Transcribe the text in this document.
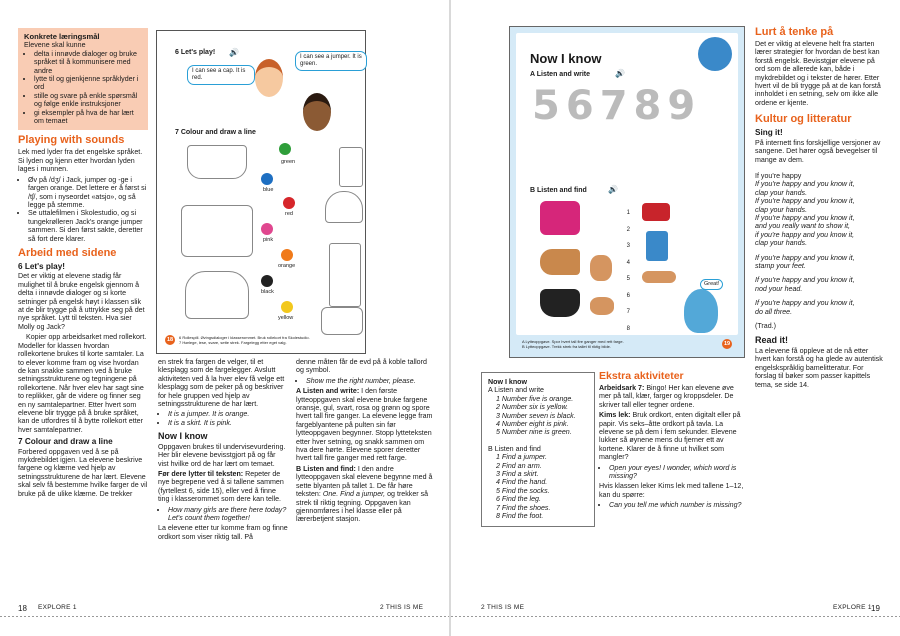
Konkrete læringsmål
Elevene skal kunne
• delta i innøvde dialoger og bruke språket til å kommunisere med andre
• lytte til og gjenkjenne språklyder i ord
• stille og svare på enkle spørsmål og følge enkle instruksjoner
• gi eksempler på hva de har lært om temaet
Playing with sounds

Lek med lyder fra det engelske språket. Si lyden og kjenn etter hvordan lyden lages i munnen.

• Øv på /dʒ/ i Jack, jumper og -ge i fargen orange. Det lettere er å først si /tʃ/, som i nyseordet «atsjo», og så legge på stemme.
• Se uttalefilmen i Skolestudio, og si tungekrølleren Jack's orange jumper sammen. Si den først sakte, deretter så fort dere klarer.
Arbeid med sidene
6 Let's play!

Det er viktig at elevene stadig får mulighet til å bruke engelsk gjennom å delta i innøvde dialoger og si korte setninger på engelsk høyt i klassen slik at de blir trygge på å uttrykke seg på det nye språket. Lytt til teksten. Hva sier Molly og Jack?

Kopier opp arbeidsarket med rollekort. Modeller for klassen hvordan rollekortene brukes til korte samtaler. La to elever komme fram og vise hvordan de kan snakke sammen ved å bruke setningsstrukturene og tegningene på rollekortene. Når hver elev har sagt sine to replikker, går de videre og finner seg en ny samtalepartner. Etter hvert som elevene blir trygge på å bruke språket, kan de utfordres til å bytte rollekort etter hver samtalepartner.

7 Colour and draw a line

Forbered oppgaven ved å se på mykdrebildet igjen. La elevene beskrive fargene og klærne ved hjelp av setningsstrukturene de har lært. Elevene skal selv få bestemme hvilke farger de vil bruke på de ulike klærne. De trekker

6 Let's play! 🔊
I can see a cap. It is red.
I can see a jumper. It is green.
7 Colour and draw a line
green
blue
red
pink
orange
black
yellow
18	6 Rollespill. Øvingsdialoger i klasserommet. Bruk rollekort fra Skolestudio.
7 Hørlege, lese, svare, sette strek. Fargelegg etter eget valg.

en strek fra fargen de velger, til et klesplagg som de fargelegger. Avslutt aktiviteten ved å la hver elev få velge ett klesplagg som de peker på og beskriver for hele gruppen ved hjelp av setningsstrukturene de har lært.

• It is a jumper. It is orange.
• It is a skirt. It is pink.
Now I know

Oppgaven brukes til undervisevurdering. Her blir elevene bevisstgjort på og får vist hvilke ord de har lært om temaet.

Før dere lytter til teksten: Repeter de nye begrepene ved å si tallene sammen (fyrtellest 6, side 15), eller ved å finne ting i klasserommet som dere kan telle.

• How many girls are there here today? Let's count them together!

La elevene etter tur komme fram og finne ordkort som viser riktig tall. På

denne måten får de evd på å koble tallord og symbol.

• Show me the right number, please.

A Listen and write: I den første lytteoppgaven skal elevene bruke fargene oransje, gul, svart, rosa og grønn og spore hvert tall fire ganger. La elevene legge fram fargeblyantene på pulten sin før lytteoppgaven begynner. Stopp lytteteksten etter hver setning, og snakk sammen om hva dere hørte. Elevene sporer deretter hvert tall fire ganger med rett farge.

B Listen and find: I den andre lytteoppgaven skal elevene begynne med å sette blyanten på tallet 1. De får høre teksten: One. Find a jumper, og trekker så strek til riktig tegning. Oppgaven kan gjennomføres i hel klasse eller på lærerbetjent stasjon.

18 EXPLORE 1	2 THIS IS ME
Now I know
A Listen and write	🔊
56789
B Listen and find	🔊
Great!
1
2
3
4
5
6
7
8
A Lytteoppgave. Spor hvert tall fire ganger med rett farge.
B Lytteoppgave. Trekk strek fra tallet til riktig bilde.	19
Now I know
A Listen and write
1 Number five is orange.
2 Number six is yellow.
3 Number seven is black.
4 Number eight is pink.
5 Number nine is green.
B Listen and find
1 Find a jumper.
2 Find an arm.
3 Find a skirt.
4 Find the hand.
5 Find the socks.
6 Find the leg.
7 Find the shoes.
8 Find the foot.
Ekstra aktiviteter

Arbeidsark 7: Bingo! Her kan elevene øve mer på tall, klær, farger og kroppsdeler. De skriver tall eller tegner ordene.

Kims lek: Bruk ordkort, enten digitalt eller på papir. Vis seks–åtte ordkort på tavla. La elevene se på dem i fem sekunder. Elevene lukker så øynene mens du fjerner ett av kortene. Klarer de å finne ut hvilket som mangler?

• Open your eyes! I wonder, which word is missing?

Hvis klassen leker Kims lek med tallene 1–12, kan du spørre:

• Can you tell me which number is missing?
Lurt å tenke på

Det er viktig at elevene helt fra starten lærer strategier for hvordan de best kan forstå engelsk. Bevisstgjør elevene på ord som de allerede kan, både i mykdrebildet og i tekster de hører. Etter hvert vil de bli trygge på at de kan forstå innholdet i en setning, selv om ikke alle ordene er kjente.

Kultur og litteratur
Sing it!

På internett fins forskjellige versjoner av sangene. Det hører også bevegelser til mange av dem.

If you're happy
If you're happy and you know it,
clap your hands.
If you're happy and you know it,
clap your hands.
If you're happy and you know it,
and you really want to show it,
if you're happy and you know it,
clap your hands.
If you're happy and you know it,
stamp your feet.
If you're happy and you know it,
nod your head.
If you're happy and you know it,
do all three.
(Trad.)
Read it!

La elevene få oppleve at de nå etter hvert kan forstå og ha glede av autentisk engelskspråklig bamelitteratur. For forslag til bøker som passer kapittels tema, se side 14.

2 THIS IS ME	EXPLORE 1 19
